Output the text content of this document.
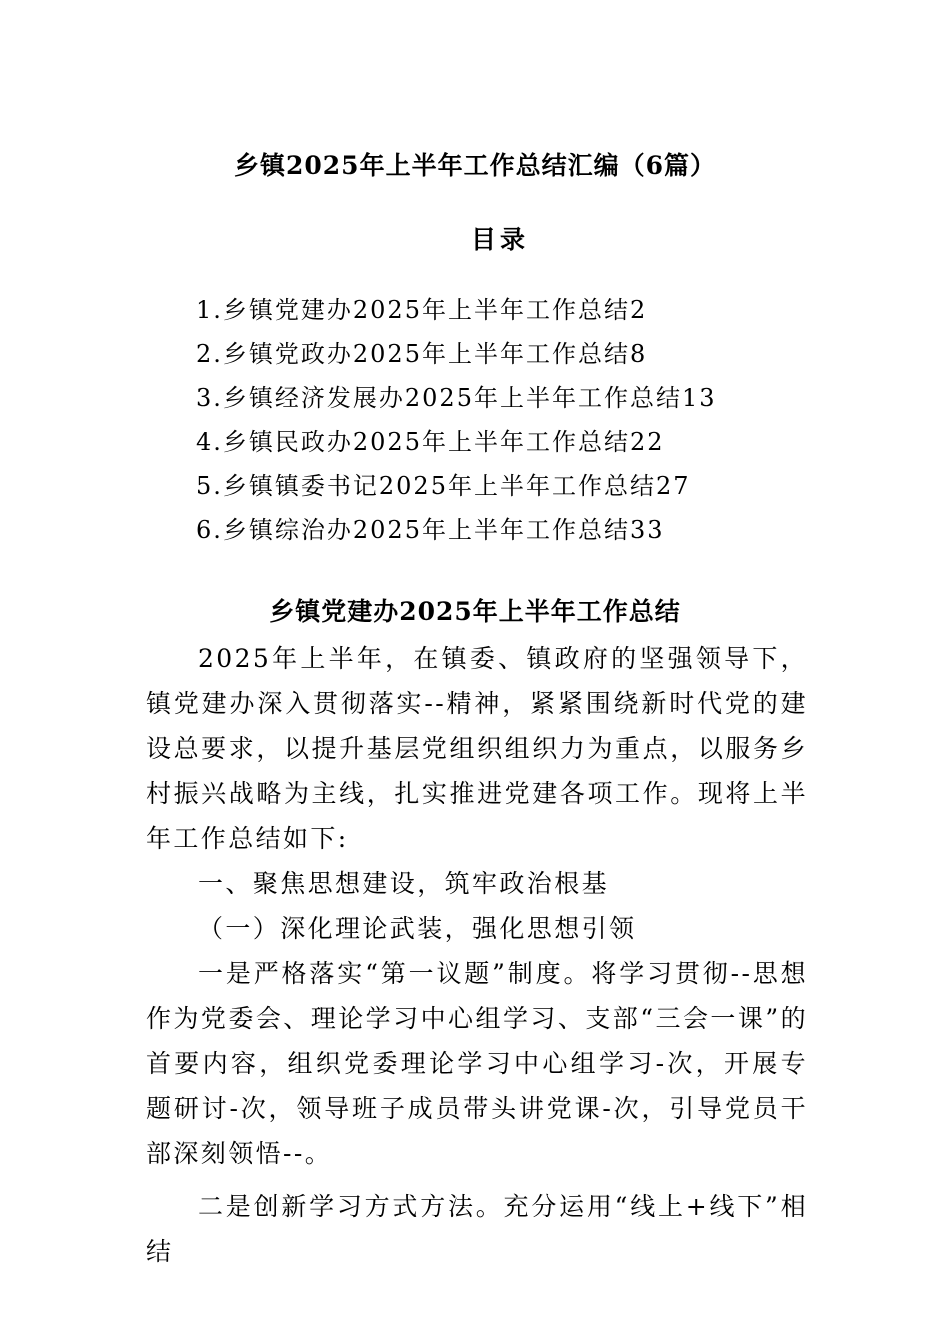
乡镇2025年上半年工作总结汇编（6篇）
目录
1.乡镇党建办2025年上半年工作总结2
2.乡镇党政办2025年上半年工作总结8
3.乡镇经济发展办2025年上半年工作总结13
4.乡镇民政办2025年上半年工作总结22
5.乡镇镇委书记2025年上半年工作总结27
6.乡镇综治办2025年上半年工作总结33
乡镇党建办2025年上半年工作总结

2025年上半年，在镇委、镇政府的坚强领导下，镇党建办深入贯彻落实--精神，紧紧围绕新时代党的建设总要求，以提升基层党组织组织力为重点，以服务乡村振兴战略为主线，扎实推进党建各项工作。现将上半年工作总结如下:

一、聚焦思想建设，筑牢政治根基

（一）深化理论武装，强化思想引领

一是严格落实“第一议题”制度。将学习贯彻--思想作为党委会、理论学习中心组学习、支部“三会一课”的首要内容，组织党委理论学习中心组学习-次，开展专题研讨-次，领导班子成员带头讲党课-次，引导党员干部深刻领悟--。

二是创新学习方式方法。充分运用“线上+线下”相结
